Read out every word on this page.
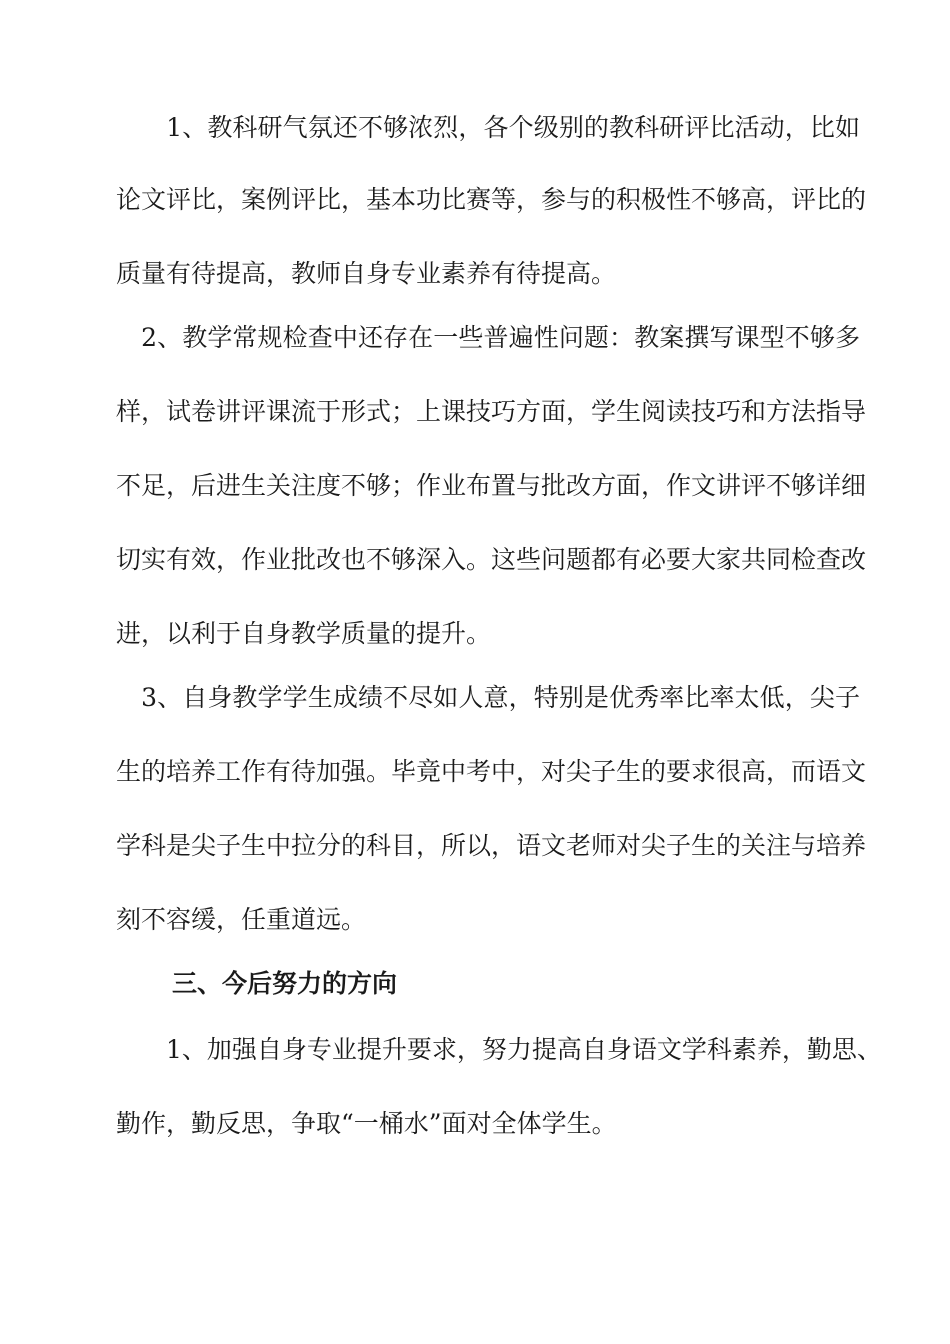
　　1、教科研气氛还不够浓烈，各个级别的教科研评比活动，比如
论文评比，案例评比，基本功比赛等，参与的积极性不够高，评比的
质量有待提高，教师自身专业素养有待提高。
　2、教学常规检查中还存在一些普遍性问题：教案撰写课型不够多
样，试卷讲评课流于形式；上课技巧方面，学生阅读技巧和方法指导
不足，后进生关注度不够；作业布置与批改方面，作文讲评不够详细
切实有效，作业批改也不够深入。这些问题都有必要大家共同检查改
进，以利于自身教学质量的提升。
　3、自身教学学生成绩不尽如人意，特别是优秀率比率太低，尖子
生的培养工作有待加强。毕竟中考中，对尖子生的要求很高，而语文
学科是尖子生中拉分的科目，所以，语文老师对尖子生的关注与培养
刻不容缓，任重道远。
三、今后努力的方向
　　1、加强自身专业提升要求，努力提高自身语文学科素养，勤思、
勤作，勤反思，争取“一桶水”面对全体学生。
